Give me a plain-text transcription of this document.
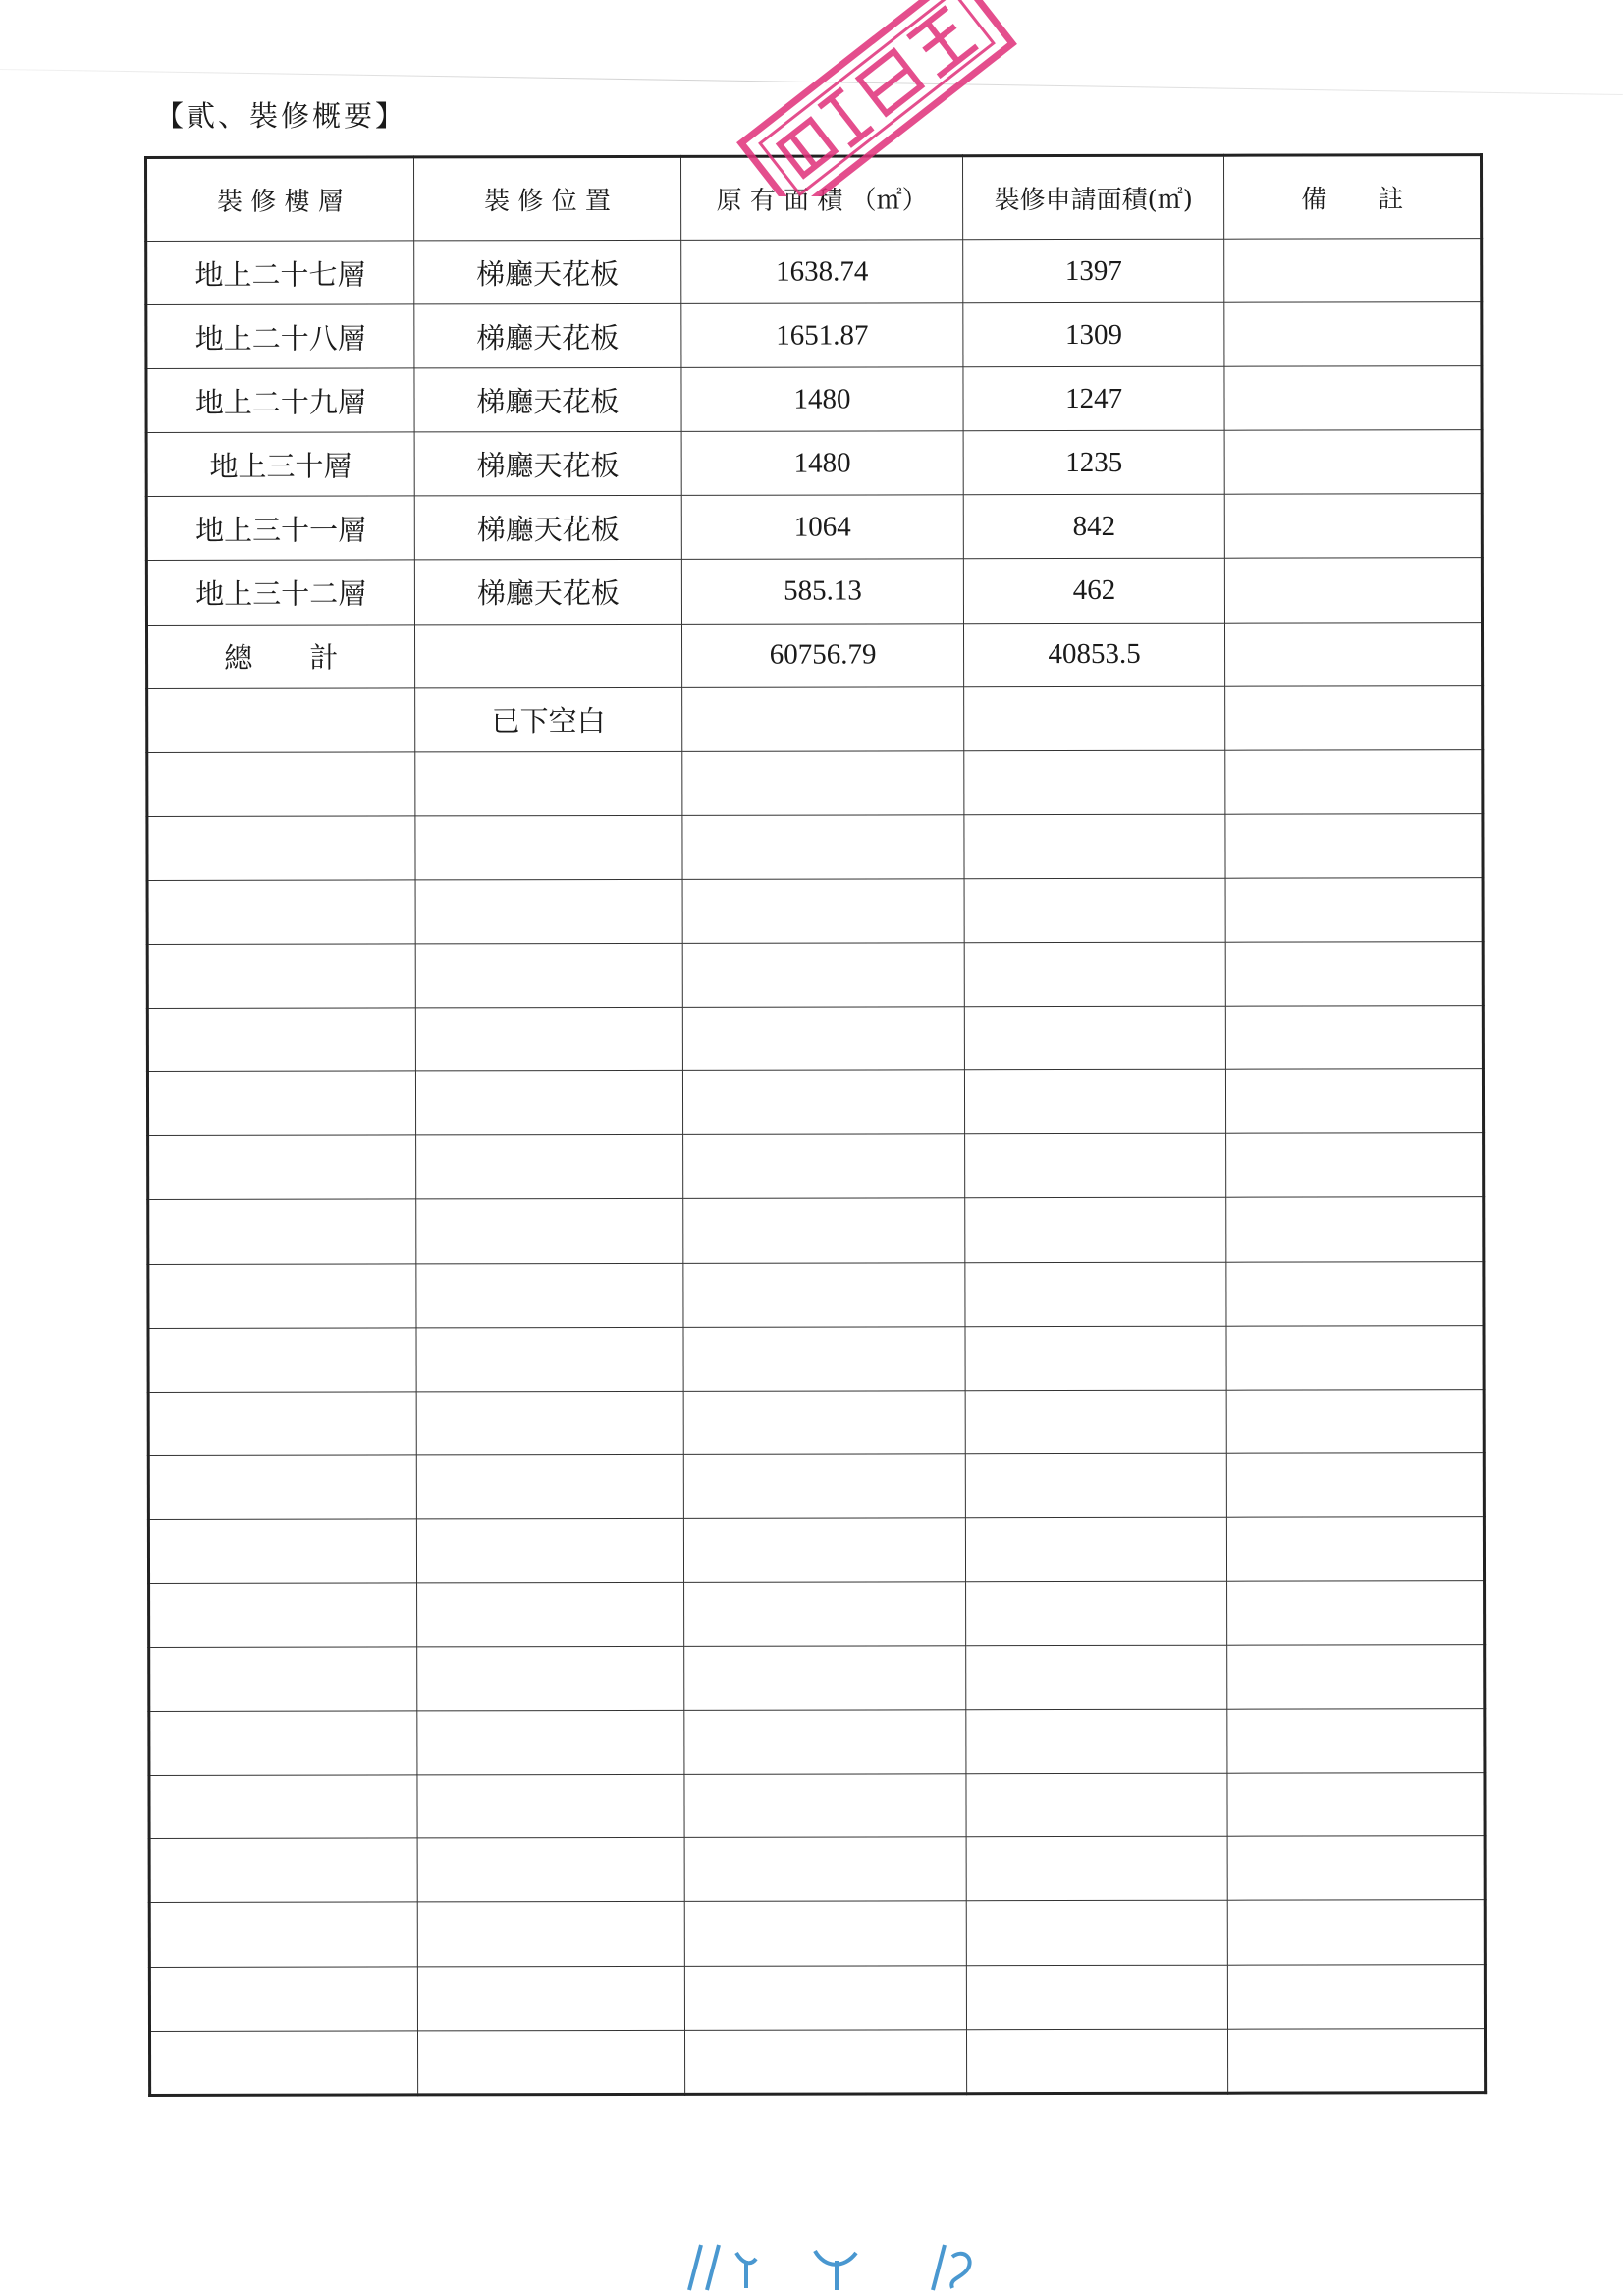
【貳、裝修概要】
裝 修 樓 層	裝 修 位 置	原 有 面 積 （㎡）	裝修申請面積(㎡)	備　　註
地上二十七層	梯廳天花板	1638.74	1397	
地上二十八層	梯廳天花板	1651.87	1309	
地上二十九層	梯廳天花板	1480	1247	
地上三十層	梯廳天花板	1480	1235	
地上三十一層	梯廳天花板	1064	842	
地上三十二層	梯廳天花板	585.13	462	
總　　計		60756.79	40853.5	
	已下空白			
